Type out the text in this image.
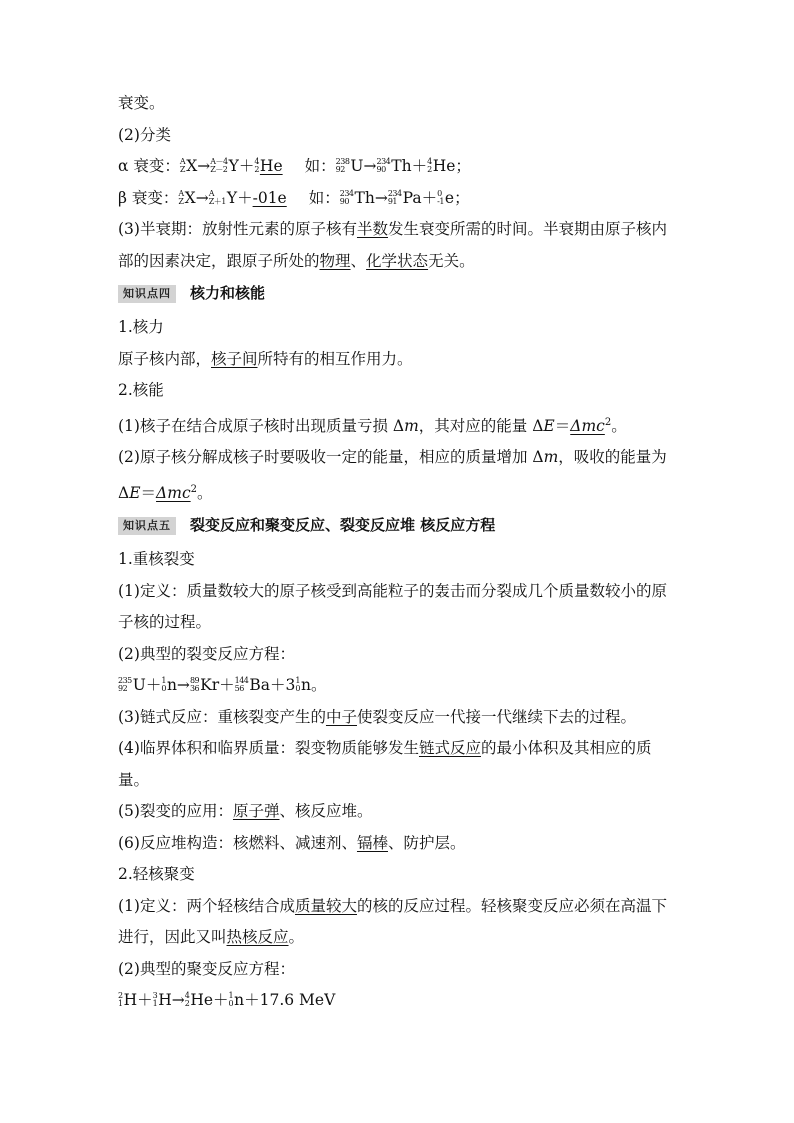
衰变。

(2)分类

α 衰变： A
Z X→ A－4
Z－2 Y＋ 4
2 He 如： 238
92 U→ 234
90 Th＋ 4
2 He；

β 衰变： A
Z X→ A
Z＋1 Y＋-01e 如： 234
90 Th→ 234
91 Pa＋ 0
-1 e；

(3)半衰期：放射性元素的原子核有半数发生衰变所需的时间。半衰期由原子核内部的因素决定，跟原子所处的物理、化学状态无关。

知识点四	核力和核能

1.核力

原子核内部，核子间所特有的相互作用力。

2.核能

(1)核子在结合成原子核时出现质量亏损 Δm，其对应的能量 ΔE＝Δmc$^2$。

(2)原子核分解成核子时要吸收一定的能量，相应的质量增加 Δm，吸收的能量为

ΔE＝Δmc$^2$。

知识点五	裂变反应和聚变反应、裂变反应堆 核反应方程

1.重核裂变

(1)定义：质量数较大的原子核受到高能粒子的轰击而分裂成几个质量数较小的原子核的过程。

(2)典型的裂变反应方程：

235
92 U＋ 1
0 n→ 89
36 Kr＋ 144
56 Ba＋3 1
0 n。

(3)链式反应：重核裂变产生的中子使裂变反应一代接一代继续下去的过程。

(4)临界体积和临界质量：裂变物质能够发生链式反应的最小体积及其相应的质量。

(5)裂变的应用：原子弹、核反应堆。

(6)反应堆构造：核燃料、减速剂、镉棒、防护层。

2.轻核聚变

(1)定义：两个轻核结合成质量较大的核的反应过程。轻核聚变反应必须在高温下进行，因此又叫热核反应。

(2)典型的聚变反应方程：

2
1 H＋ 3
1 H→ 4
2 He＋ 1
0 n＋17.6 MeV
